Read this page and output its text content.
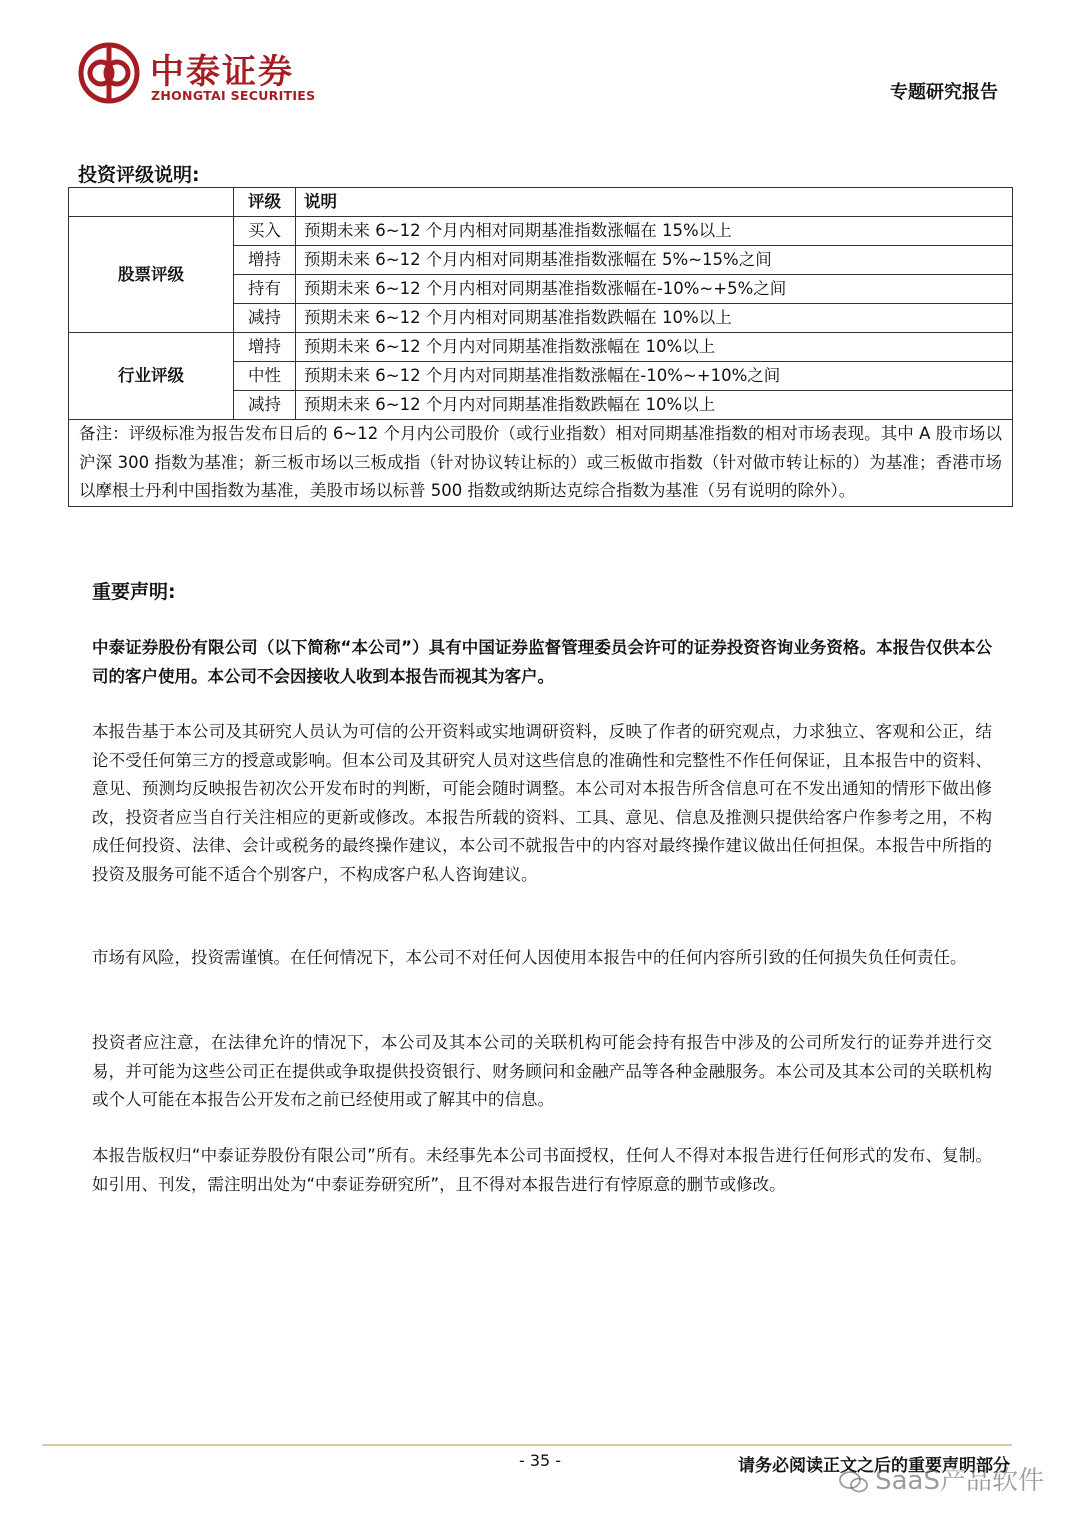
中泰证券
ZHONGTAI SECURITIES	专题研究报告
投资评级说明:
	评级	说明
股票评级	买入	预期未来 6~12 个月内相对同期基准指数涨幅在 15%以上
	增持	预期未来 6~12 个月内相对同期基准指数涨幅在 5%~15%之间
	持有	预期未来 6~12 个月内相对同期基准指数涨幅在-10%~+5%之间
	减持	预期未来 6~12 个月内相对同期基准指数跌幅在 10%以上
行业评级	增持	预期未来 6~12 个月内对同期基准指数涨幅在 10%以上
	中性	预期未来 6~12 个月内对同期基准指数涨幅在-10%~+10%之间
	减持	预期未来 6~12 个月内对同期基准指数跌幅在 10%以上
备注：评级标准为报告发布日后的 6~12 个月内公司股价（或行业指数）相对同期基准指数的相对市场表现。其中 A 股市场以沪深 300 指数为基准；新三板市场以三板成指（针对协议转让标的）或三板做市指数（针对做市转让标的）为基准；香港市场以摩根士丹利中国指数为基准，美股市场以标普 500 指数或纳斯达克综合指数为基准（另有说明的除外）。		
重要声明:
中泰证券股份有限公司（以下简称“本公司”）具有中国证券监督管理委员会许可的证券投资咨询业务资格。本报告仅供本公司的客户使用。本公司不会因接收人收到本报告而视其为客户。
本报告基于本公司及其研究人员认为可信的公开资料或实地调研资料，反映了作者的研究观点，力求独立、客观和公正，结论不受任何第三方的授意或影响。但本公司及其研究人员对这些信息的准确性和完整性不作任何保证，且本报告中的资料、意见、预测均反映报告初次公开发布时的判断，可能会随时调整。本公司对本报告所含信息可在不发出通知的情形下做出修改，投资者应当自行关注相应的更新或修改。本报告所载的资料、工具、意见、信息及推测只提供给客户作参考之用，不构成任何投资、法律、会计或税务的最终操作建议，本公司不就报告中的内容对最终操作建议做出任何担保。本报告中所指的投资及服务可能不适合个别客户，不构成客户私人咨询建议。
市场有风险，投资需谨慎。在任何情况下，本公司不对任何人因使用本报告中的任何内容所引致的任何损失负任何责任。
投资者应注意，在法律允许的情况下，本公司及其本公司的关联机构可能会持有报告中涉及的公司所发行的证券并进行交易，并可能为这些公司正在提供或争取提供投资银行、财务顾问和金融产品等各种金融服务。本公司及其本公司的关联机构或个人可能在本报告公开发布之前已经使用或了解其中的信息。
本报告版权归“中泰证券股份有限公司”所有。未经事先本公司书面授权，任何人不得对本报告进行任何形式的发布、复制。如引用、刊发，需注明出处为“中泰证券研究所”，且不得对本报告进行有悖原意的删节或修改。
- 35 -	请务必阅读正文之后的重要声明部分
SaaS产品软件
